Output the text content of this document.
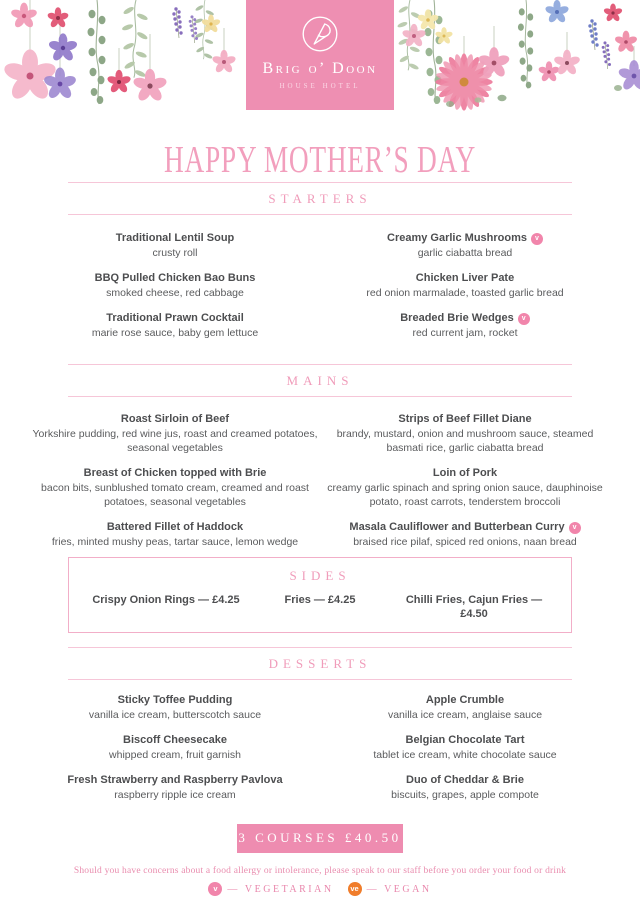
Brig o’ Doon
HOUSE HOTEL
HAPPY MOTHER’S DAY
STARTERS
Traditional Lentil Soup
crusty roll
BBQ Pulled Chicken Bao Buns
smoked cheese, red cabbage
Traditional Prawn Cocktail
marie rose sauce, baby gem lettuce
Creamy Garlic Mushrooms v
garlic ciabatta bread
Chicken Liver Pate
red onion marmalade, toasted garlic bread
Breaded Brie Wedges v
red current jam, rocket
MAINS
Roast Sirloin of Beef
Yorkshire pudding, red wine jus, roast and creamed potatoes, seasonal vegetables
Breast of Chicken topped with Brie
bacon bits, sunblushed tomato cream, creamed and roast potatoes, seasonal vegetables
Battered Fillet of Haddock
fries, minted mushy peas, tartar sauce, lemon wedge
Strips of Beef Fillet Diane
brandy, mustard, onion and mushroom sauce, steamed basmati rice, garlic ciabatta bread
Loin of Pork
creamy garlic spinach and spring onion sauce, dauphinoise potato, roast carrots, tenderstem broccoli
Masala Cauliflower and Butterbean Curry v
braised rice pilaf, spiced red onions, naan bread
SIDES
Crispy Onion Rings — £4.25	Fries — £4.25	Chilli Fries, Cajun Fries — £4.50
DESSERTS
Sticky Toffee Pudding
vanilla ice cream, butterscotch sauce
Biscoff Cheesecake
whipped cream, fruit garnish
Fresh Strawberry and Raspberry Pavlova
raspberry ripple ice cream
Apple Crumble
vanilla ice cream, anglaise sauce
Belgian Chocolate Tart
tablet ice cream, white chocolate sauce
Duo of Cheddar & Brie
biscuits, grapes, apple compote
3 COURSES £40.50
Should you have concerns about a food allergy or intolerance, please speak to our staff before you order your food or drink
v — VEGETARIAN	ve — VEGAN
